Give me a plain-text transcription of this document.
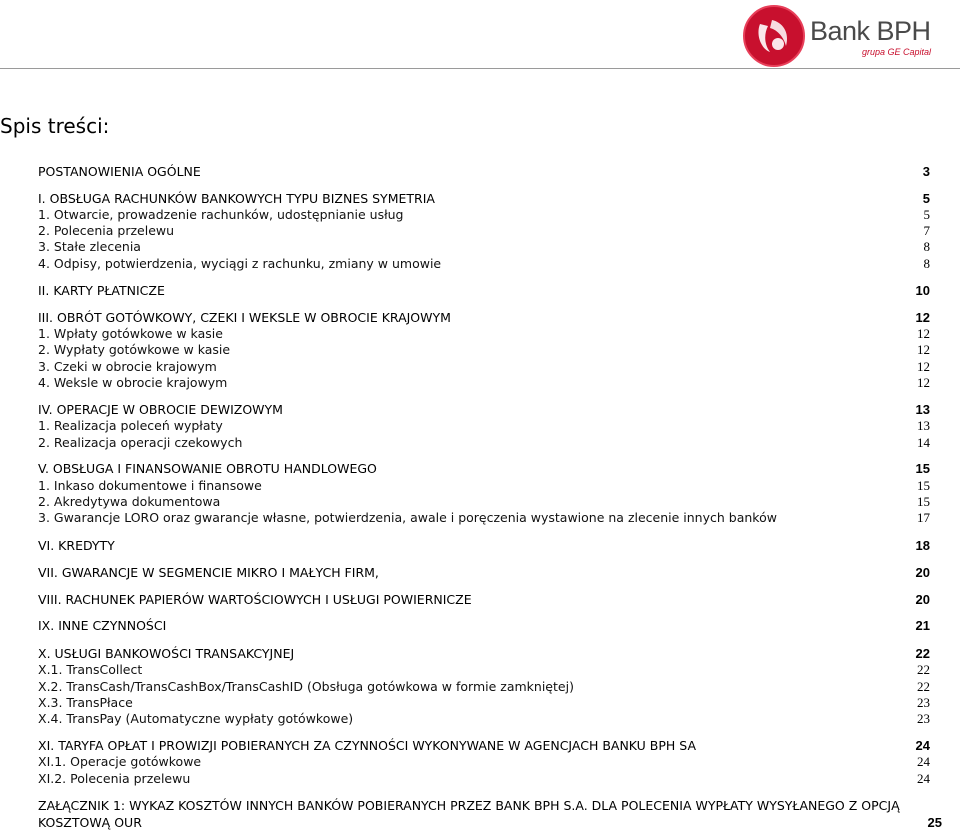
Bank BPH
grupa GE Capital
Spis treści:
POSTANOWIENIA OGÓLNE	3
I. OBSŁUGA RACHUNKÓW BANKOWYCH TYPU BIZNES SYMETRIA	5
1. Otwarcie, prowadzenie rachunków, udostępnianie usług	5
2. Polecenia przelewu	7
3. Stałe zlecenia	8
4. Odpisy, potwierdzenia, wyciągi z rachunku, zmiany w umowie	8
II. KARTY PŁATNICZE	10
III. OBRÓT GOTÓWKOWY, CZEKI I WEKSLE W OBROCIE KRAJOWYM	12
1. Wpłaty gotówkowe w kasie	12
2. Wypłaty gotówkowe w kasie	12
3. Czeki w obrocie krajowym	12
4. Weksle w obrocie krajowym	12
IV. OPERACJE W OBROCIE DEWIZOWYM	13
1. Realizacja poleceń wypłaty	13
2. Realizacja operacji czekowych	14
V. OBSŁUGA I FINANSOWANIE OBROTU HANDLOWEGO	15
1. Inkaso dokumentowe i finansowe	15
2. Akredytywa dokumentowa	15
3. Gwarancje LORO oraz gwarancje własne, potwierdzenia, awale i poręczenia wystawione na zlecenie innych banków	17
VI. KREDYTY	18
VII. GWARANCJE W SEGMENCIE MIKRO I MAŁYCH FIRM,	20
VIII. RACHUNEK PAPIERÓW WARTOŚCIOWYCH I USŁUGI POWIERNICZE	20
IX. INNE CZYNNOŚCI	21
X. USŁUGI BANKOWOŚCI TRANSAKCYJNEJ	22
X.1. TransCollect	22
X.2. TransCash/TransCashBox/TransCashID (Obsługa gotówkowa w formie zamkniętej)	22
X.3. TransPłace	23
X.4. TransPay (Automatyczne wypłaty gotówkowe)	23
XI. TARYFA OPŁAT I PROWIZJI POBIERANYCH ZA CZYNNOŚCI WYKONYWANE W AGENCJACH BANKU BPH SA	24
XI.1. Operacje gotówkowe	24
XI.2. Polecenia przelewu	24
ZAŁĄCZNIK 1: WYKAZ KOSZTÓW INNYCH BANKÓW POBIERANYCH PRZEZ BANK BPH S.A. DLA POLECENIA WYPŁATY WYSYŁANEGO Z OPCJĄ KOSZTOWĄ OUR	25
